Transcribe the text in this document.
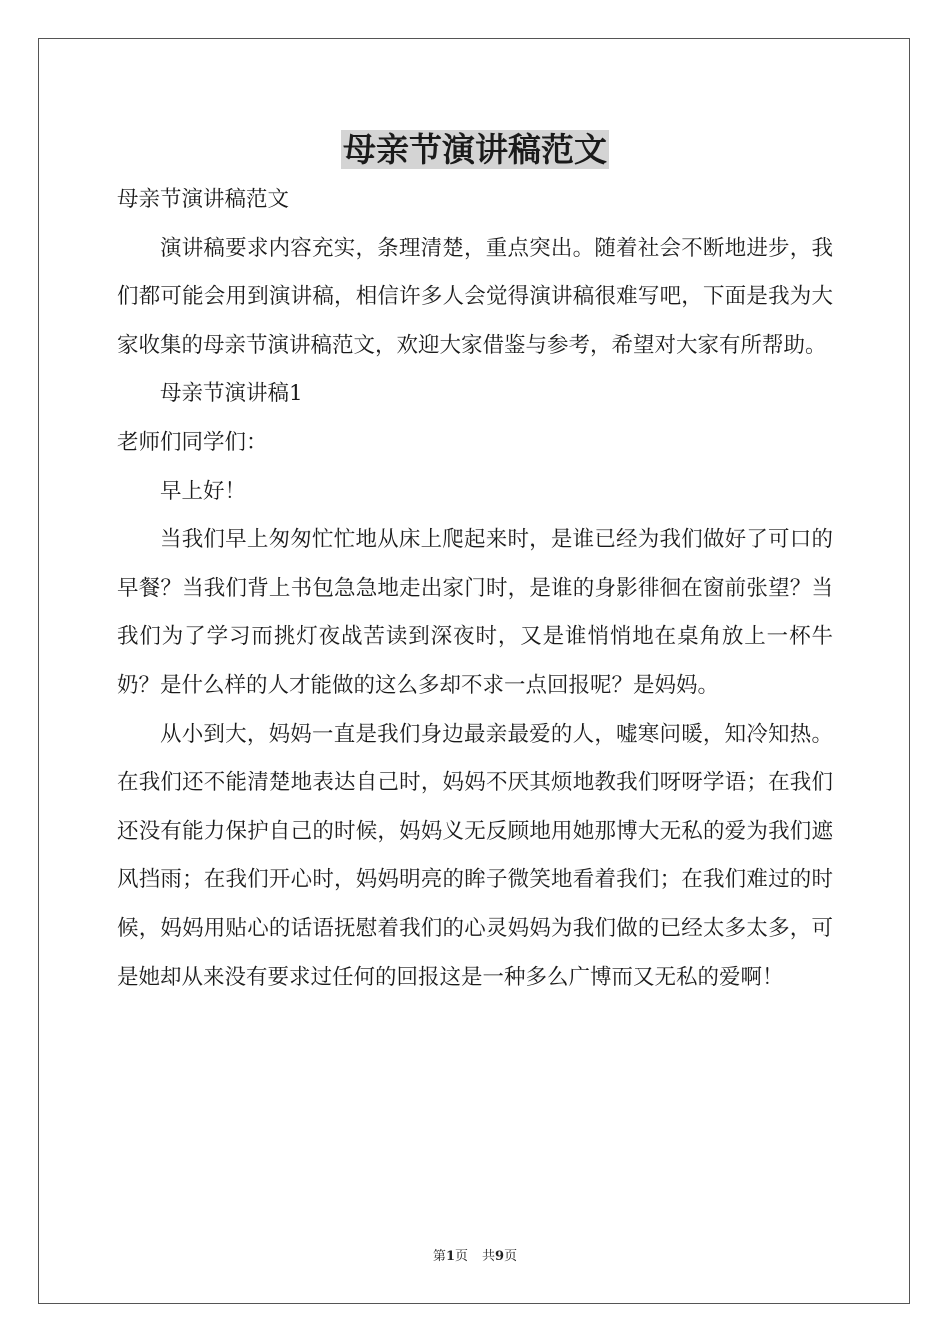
母亲节演讲稿范文

母亲节演讲稿范文

演讲稿要求内容充实，条理清楚，重点突出。随着社会不断地进步，我们都可能会用到演讲稿，相信许多人会觉得演讲稿很难写吧，下面是我为大家收集的母亲节演讲稿范文，欢迎大家借鉴与参考，希望对大家有所帮助。

母亲节演讲稿1

老师们同学们：

早上好！

当我们早上匆匆忙忙地从床上爬起来时，是谁已经为我们做好了可口的早餐？当我们背上书包急急地走出家门时，是谁的身影徘徊在窗前张望？当我们为了学习而挑灯夜战苦读到深夜时，又是谁悄悄地在桌角放上一杯牛奶？是什么样的人才能做的这么多却不求一点回报呢？是妈妈。

从小到大，妈妈一直是我们身边最亲最爱的人，嘘寒问暖，知冷知热。在我们还不能清楚地表达自己时，妈妈不厌其烦地教我们呀呀学语；在我们还没有能力保护自己的时候，妈妈义无反顾地用她那博大无私的爱为我们遮风挡雨；在我们开心时，妈妈明亮的眸子微笑地看着我们；在我们难过的时候，妈妈用贴心的话语抚慰着我们的心灵妈妈为我们做的已经太多太多，可是她却从来没有要求过任何的回报这是一种多么广博而又无私的爱啊！

第1页 共9页
